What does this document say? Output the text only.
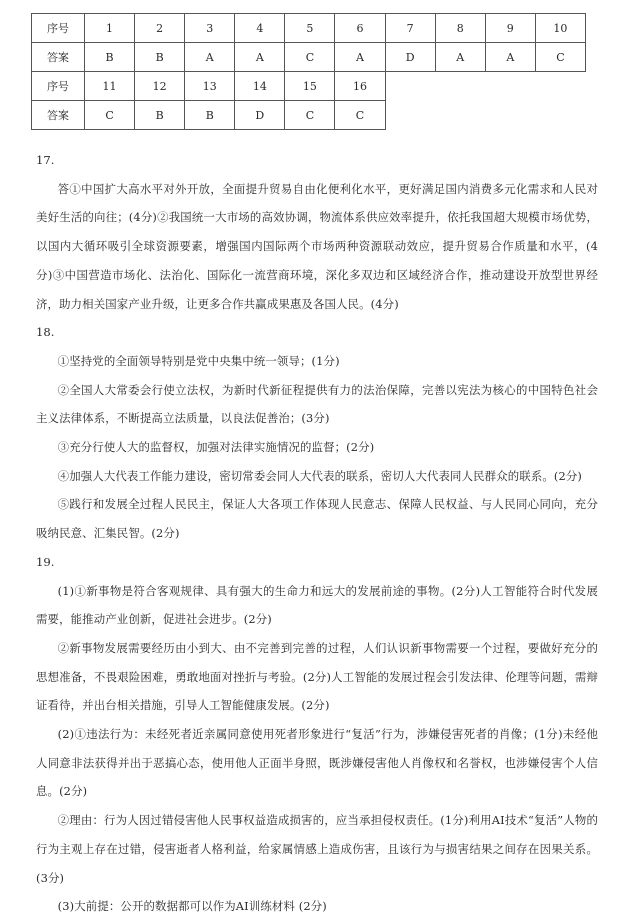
序号	1	2	3	4	5	6	7	8	9	10
答案	B	B	A	A	C	A	D	A	A	C
序号	11	12	13	14	15	16				
答案	C	B	B	D	C	C				

17.

答①中国扩大高水平对外开放，全面提升贸易自由化便利化水平，更好满足国内消费多元化需求和人民对美好生活的向往；(4分)②我国统一大市场的高效协调，物流体系供应效率提升，依托我国超大规模市场优势，以国内大循环吸引全球资源要素，增强国内国际两个市场两种资源联动效应，提升贸易合作质量和水平，(4分)③中国营造市场化、法治化、国际化一流营商环境，深化多双边和区域经济合作，推动建设开放型世界经济，助力相关国家产业升级，让更多合作共赢成果惠及各国人民。(4分)

18.

①坚持党的全面领导特别是党中央集中统一领导；(1分)

②全国人大常委会行使立法权，为新时代新征程提供有力的法治保障，完善以宪法为核心的中国特色社会主义法律体系，不断提高立法质量，以良法促善治；(3分)

③充分行使人大的监督权，加强对法律实施情况的监督；(2分)

④加强人大代表工作能力建设，密切常委会同人大代表的联系，密切人大代表同人民群众的联系。(2分)

⑤践行和发展全过程人民民主，保证人大各项工作体现人民意志、保障人民权益、与人民同心同向，充分吸纳民意、汇集民智。(2分)

19.

(1)①新事物是符合客观规律、具有强大的生命力和远大的发展前途的事物。(2分)人工智能符合时代发展需要，能推动产业创新，促进社会进步。(2分)

②新事物发展需要经历由小到大、由不完善到完善的过程，人们认识新事物需要一个过程，要做好充分的思想准备，不畏艰险困难，勇敢地面对挫折与考验。(2分)人工智能的发展过程会引发法律、伦理等问题，需辩证看待，并出台相关措施，引导人工智能健康发展。(2分)

(2)①违法行为：未经死者近亲属同意使用死者形象进行“复活”行为，涉嫌侵害死者的肖像；(1分)未经他人同意非法获得并出于恶搞心态，使用他人正面半身照，既涉嫌侵害他人肖像权和名誉权，也涉嫌侵害个人信息。(2分)

②理由：行为人因过错侵害他人民事权益造成损害的，应当承担侵权责任。(1分)利用AI技术“复活”人物的行为主观上存在过错，侵害逝者人格利益，给家属情感上造成伤害，且该行为与损害结果之间存在因果关系。(3分)

(3)大前提：公开的数据都可以作为AI训练材料 (2分)
